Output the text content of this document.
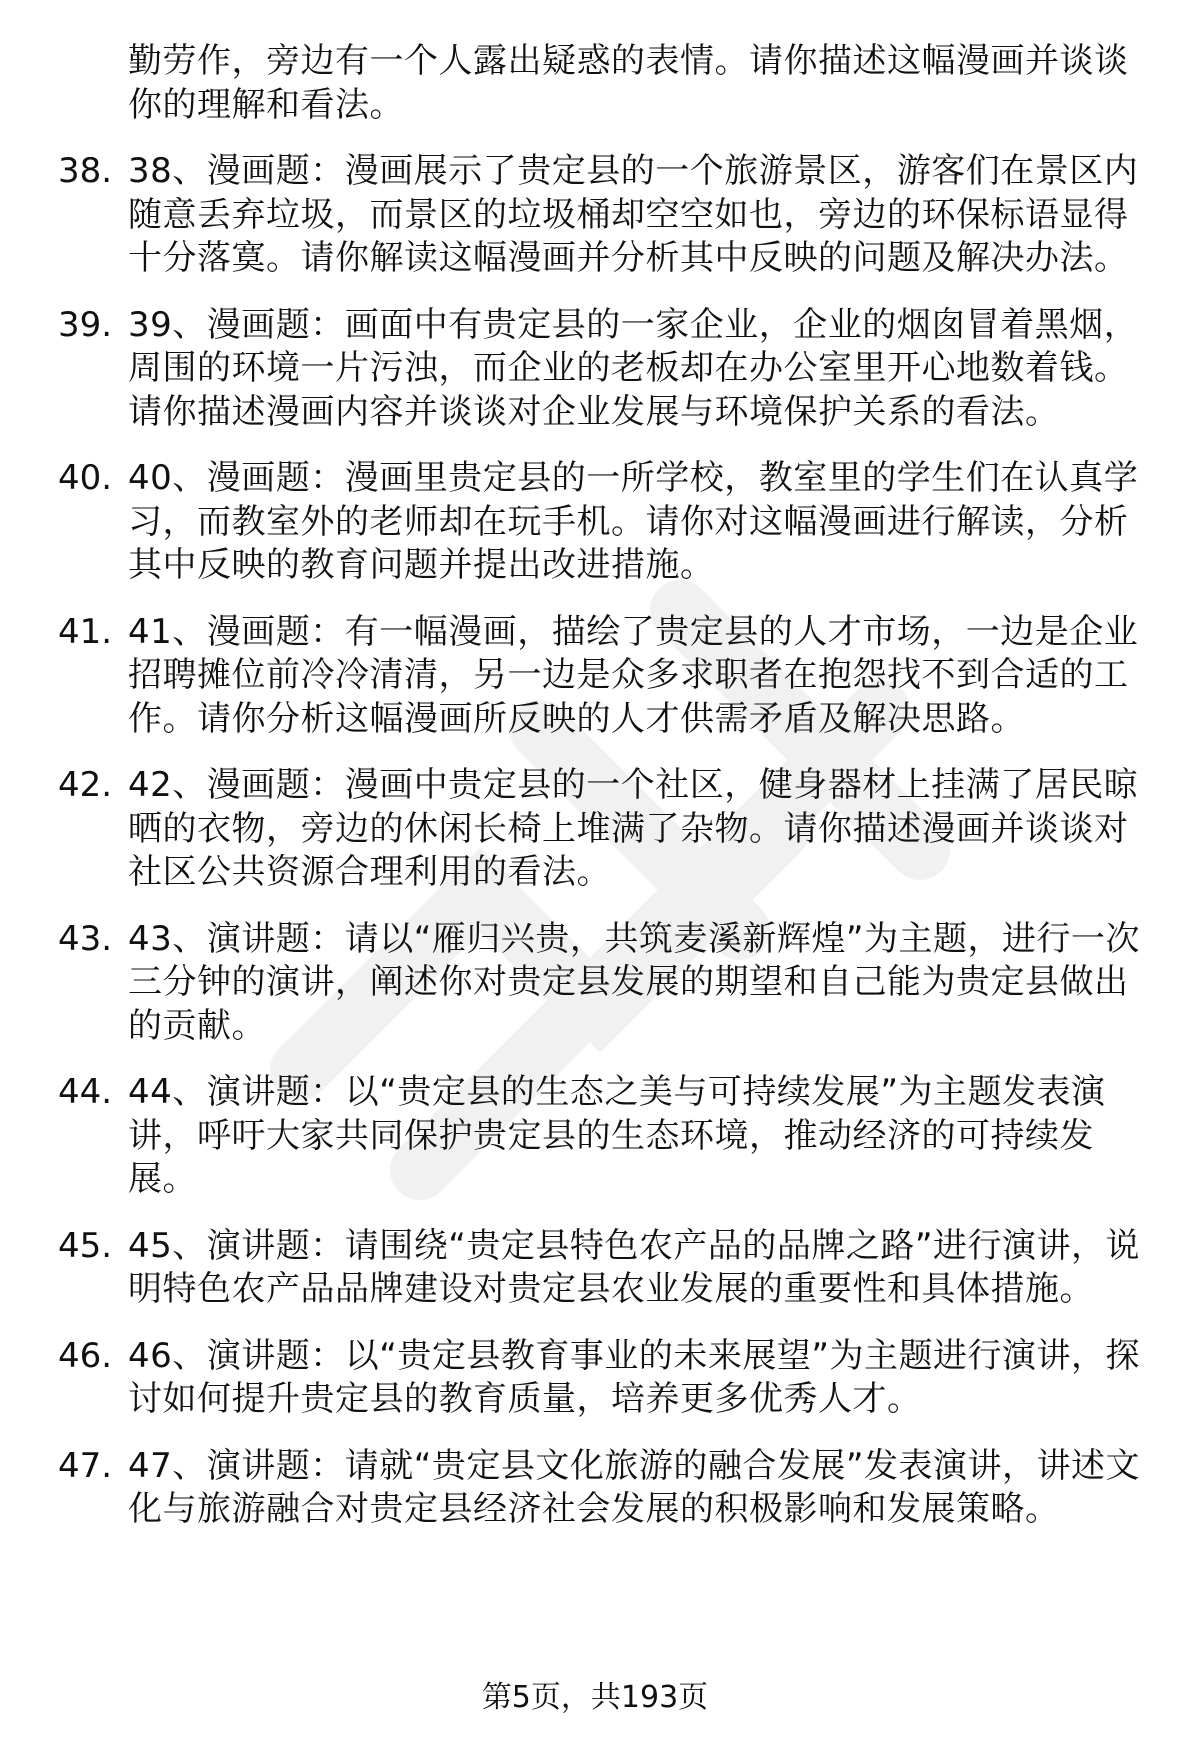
勤劳作，旁边有一个人露出疑惑的表情。请你描述这幅漫画并谈谈你的理解和看法。
38. 38、漫画题：漫画展示了贵定县的一个旅游景区，游客们在景区内随意丢弃垃圾，而景区的垃圾桶却空空如也，旁边的环保标语显得十分落寞。请你解读这幅漫画并分析其中反映的问题及解决办法。
39. 39、漫画题：画面中有贵定县的一家企业，企业的烟囱冒着黑烟，周围的环境一片污浊，而企业的老板却在办公室里开心地数着钱。请你描述漫画内容并谈谈对企业发展与环境保护关系的看法。
40. 40、漫画题：漫画里贵定县的一所学校，教室里的学生们在认真学习，而教室外的老师却在玩手机。请你对这幅漫画进行解读，分析其中反映的教育问题并提出改进措施。
41. 41、漫画题：有一幅漫画，描绘了贵定县的人才市场，一边是企业招聘摊位前冷冷清清，另一边是众多求职者在抱怨找不到合适的工作。请你分析这幅漫画所反映的人才供需矛盾及解决思路。
42. 42、漫画题：漫画中贵定县的一个社区，健身器材上挂满了居民晾晒的衣物，旁边的休闲长椅上堆满了杂物。请你描述漫画并谈谈对社区公共资源合理利用的看法。
43. 43、演讲题：请以“雁归兴贵，共筑麦溪新辉煌”为主题，进行一次三分钟的演讲，阐述你对贵定县发展的期望和自己能为贵定县做出的贡献。
44. 44、演讲题：以“贵定县的生态之美与可持续发展”为主题发表演讲，呼吁大家共同保护贵定县的生态环境，推动经济的可持续发展。
45. 45、演讲题：请围绕“贵定县特色农产品的品牌之路”进行演讲，说明特色农产品品牌建设对贵定县农业发展的重要性和具体措施。
46. 46、演讲题：以“贵定县教育事业的未来展望”为主题进行演讲，探讨如何提升贵定县的教育质量，培养更多优秀人才。
47. 47、演讲题：请就“贵定县文化旅游的融合发展”发表演讲，讲述文化与旅游融合对贵定县经济社会发展的积极影响和发展策略。
第5页，共193页
